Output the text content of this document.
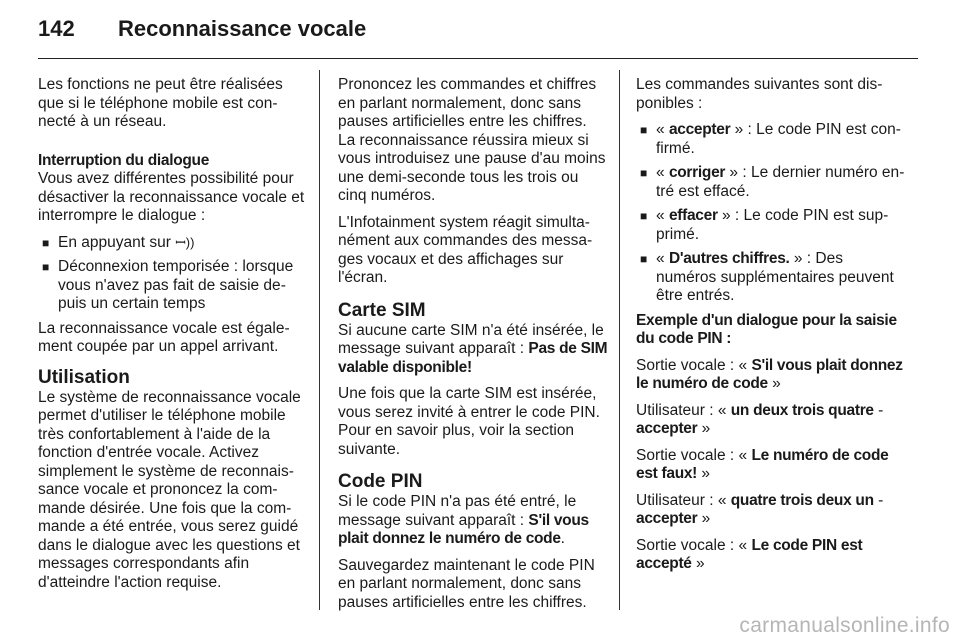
142 Reconnaissance vocale

Les fonctions ne peut être réalisées que si le téléphone mobile est connecté à un réseau.

Interruption du dialogue

Vous avez différentes possibilité pour désactiver la reconnaissance vocale et interrompre le dialogue :

■ En appuyant sur ꟷ))
■ Déconnexion temporisée : lorsque vous n'avez pas fait de saisie depuis un certain temps

La reconnaissance vocale est également coupée par un appel arrivant.

Utilisation

Le système de reconnaissance vocale permet d'utiliser le téléphone mobile très confortablement à l'aide de la fonction d'entrée vocale. Activez simplement le système de reconnaissance vocale et prononcez la commande désirée. Une fois que la commande a été entrée, vous serez guidé dans le dialogue avec les questions et messages correspondants afin d'atteindre l'action requise.

Prononcez les commandes et chiffres en parlant normalement, donc sans pauses artificielles entre les chiffres. La reconnaissance réussira mieux si vous introduisez une pause d'au moins une demi-seconde tous les trois ou cinq numéros.

L'Infotainment system réagit simultanément aux commandes des messages vocaux et des affichages sur l'écran.

Carte SIM

Si aucune carte SIM n'a été insérée, le message suivant apparaît : Pas de SIM valable disponible!

Une fois que la carte SIM est insérée, vous serez invité à entrer le code PIN. Pour en savoir plus, voir la section suivante.

Code PIN

Si le code PIN n'a pas été entré, le message suivant apparaît : S'il vous plait donnez le numéro de code.

Sauvegardez maintenant le code PIN en parlant normalement, donc sans pauses artificielles entre les chiffres.

Les commandes suivantes sont disponibles :

■ « accepter » : Le code PIN est confirmé.
■ « corriger » : Le dernier numéro entré est effacé.
■ « effacer » : Le code PIN est supprimé.
■ « D'autres chiffres. » : Des numéros supplémentaires peuvent être entrés.

Exemple d'un dialogue pour la saisie du code PIN :

Sortie vocale : « S'il vous plait donnez le numéro de code »

Utilisateur : « un deux trois quatre - accepter »

Sortie vocale : « Le numéro de code est faux! »

Utilisateur : « quatre trois deux un - accepter »

Sortie vocale : « Le code PIN est accepté »

carmanualsonline.info
